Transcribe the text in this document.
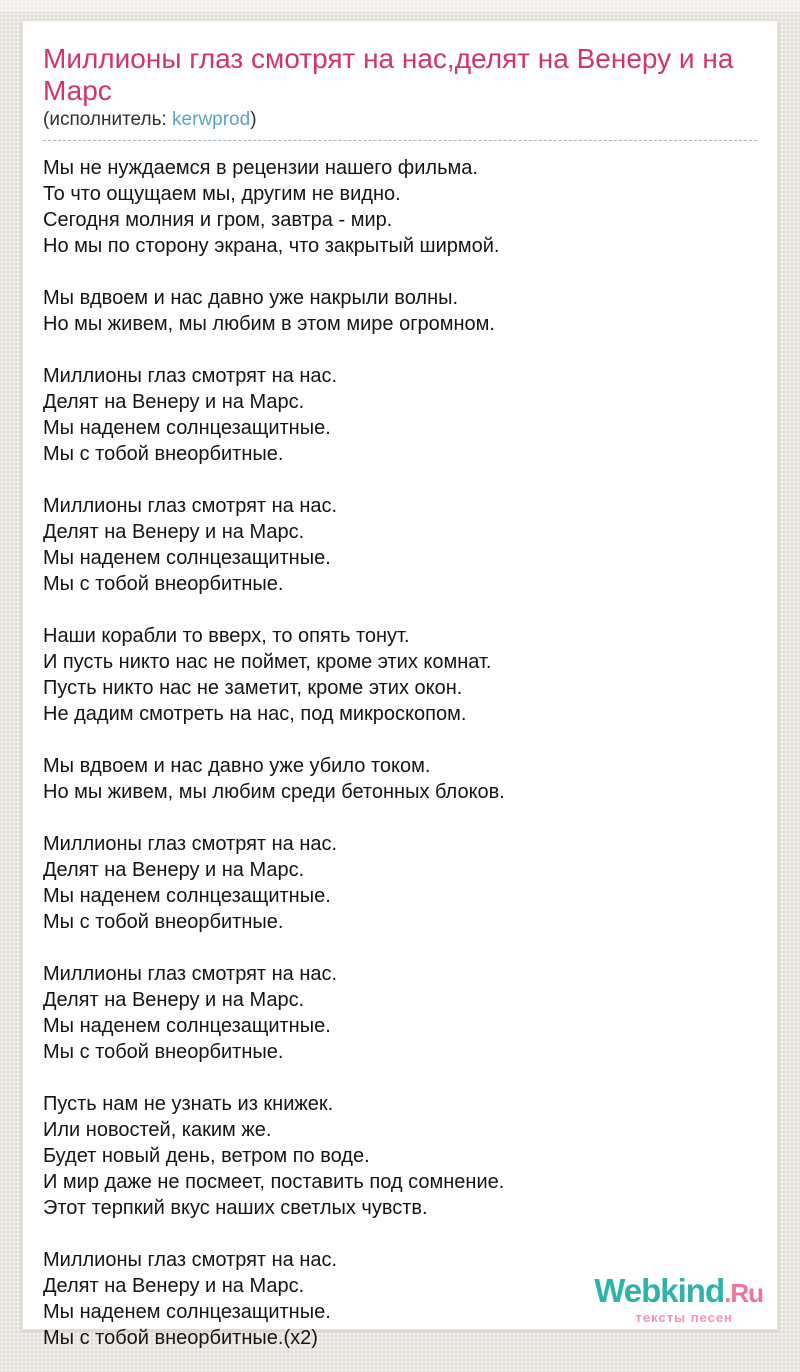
Миллионы глаз смотрят на нас,делят на Венеру и на Марс
(исполнитель: kerwprod)
Мы не нуждаемся в рецензии нашего фильма.
То что ощущаем мы, другим не видно.
Сегодня молния и гром, завтра - мир.
Но мы по сторону экрана, что закрытый ширмой.
Мы вдвоем и нас давно уже накрыли волны.
Но мы живем, мы любим в этом мире огромном.
Миллионы глаз смотрят на нас.
Делят на Венеру и на Марс.
Мы наденем солнцезащитные.
Мы с тобой внеорбитные.
Миллионы глаз смотрят на нас.
Делят на Венеру и на Марс.
Мы наденем солнцезащитные.
Мы с тобой внеорбитные.
Наши корабли то вверх, то опять тонут.
И пусть никто нас не поймет, кроме этих комнат.
Пусть никто нас не заметит, кроме этих окон.
Не дадим смотреть на нас, под микроскопом.
Мы вдвоем и нас давно уже убило током.
Но мы живем, мы любим среди бетонных блоков.
Миллионы глаз смотрят на нас.
Делят на Венеру и на Марс.
Мы наденем солнцезащитные.
Мы с тобой внеорбитные.
Миллионы глаз смотрят на нас.
Делят на Венеру и на Марс.
Мы наденем солнцезащитные.
Мы с тобой внеорбитные.
Пусть нам не узнать из книжек.
Или новостей, каким же.
Будет новый день, ветром по воде.
И мир даже не посмеет, поставить под сомнение.
Этот терпкий вкус наших светлых чувств.
Миллионы глаз смотрят на нас.
Делят на Венеру и на Марс.
Мы наденем солнцезащитные.
Мы с тобой внеорбитные.(х2)
Webkind.Ru
тексты песен
